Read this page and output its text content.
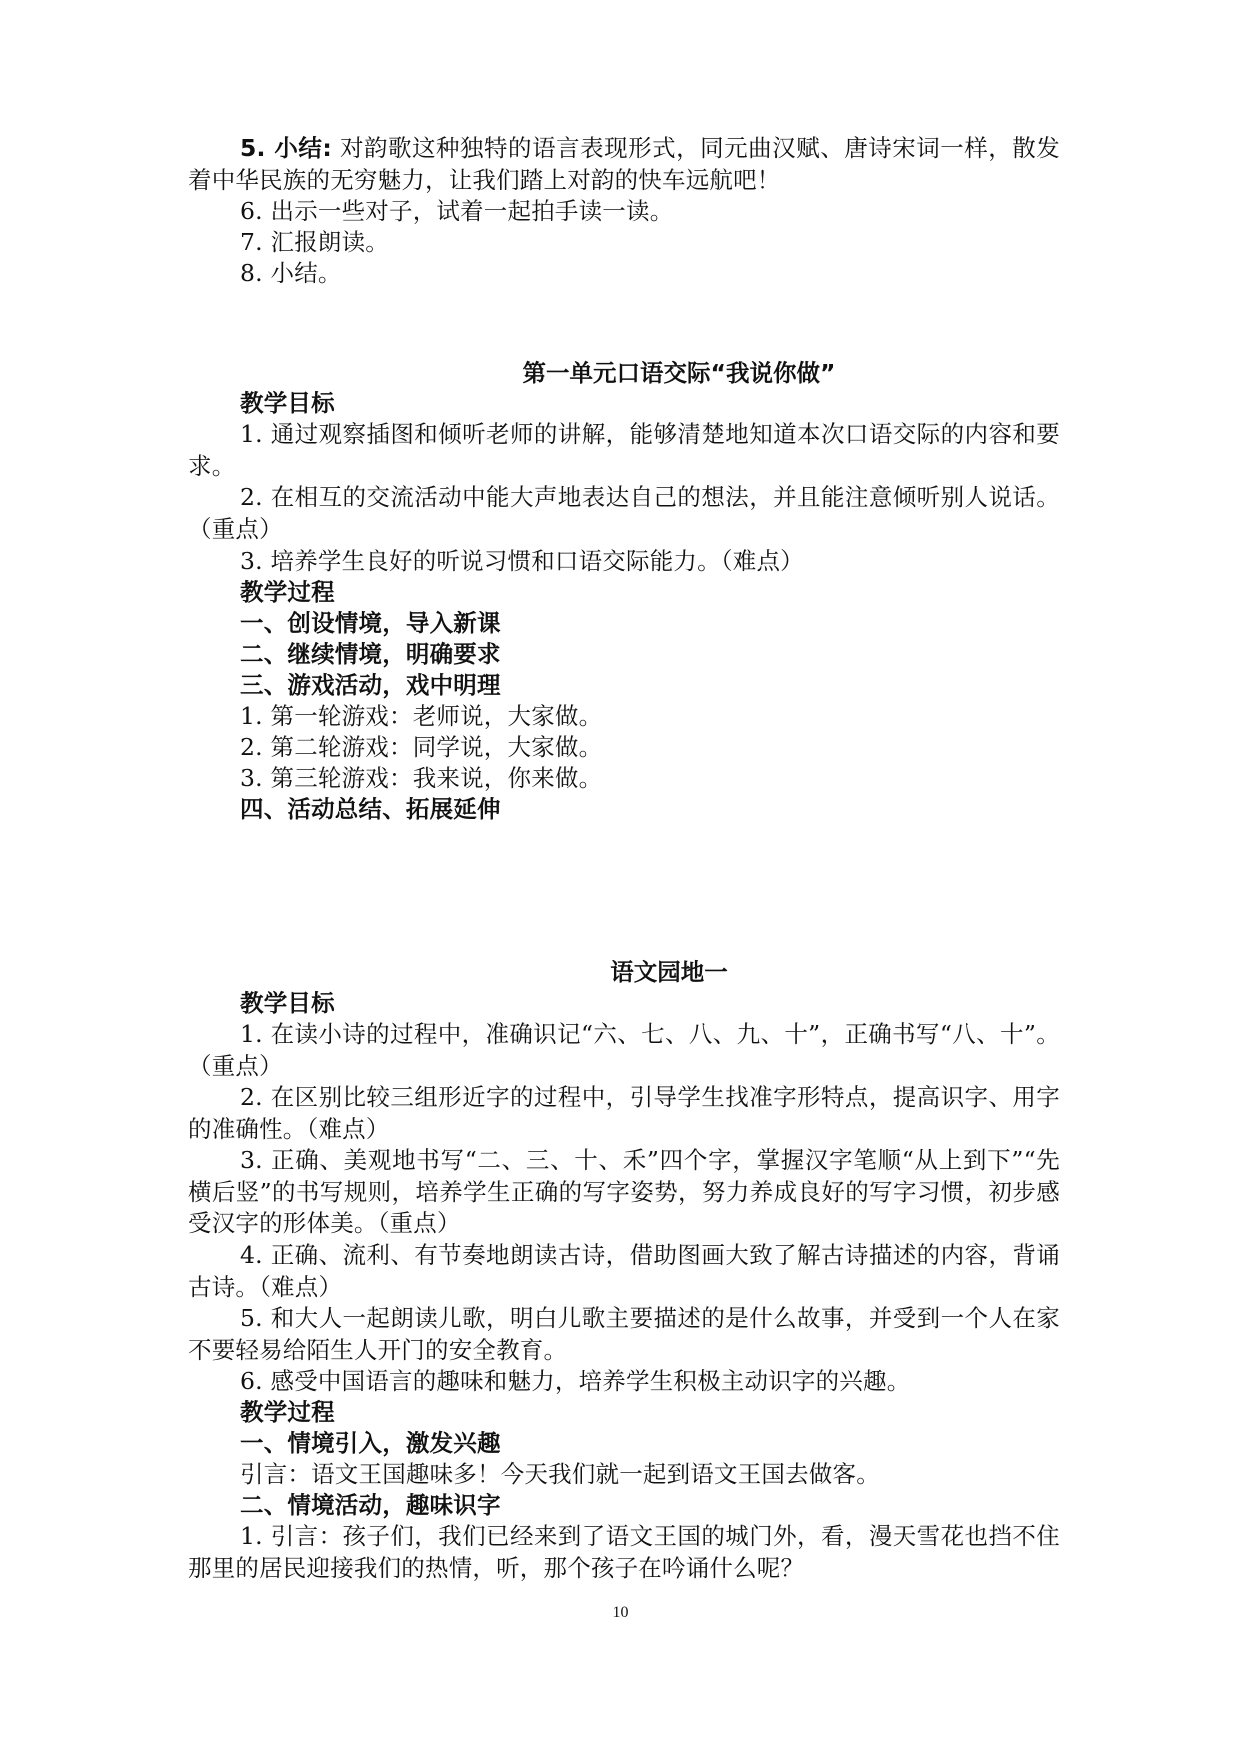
5. 小结: 对韵歌这种独特的语言表现形式，同元曲汉赋、唐诗宋词一样，散发着中华民族的无穷魅力，让我们踏上对韵的快车远航吧！

6. 出示一些对子，试着一起拍手读一读。

7. 汇报朗读。

8. 小结。

第一单元口语交际“我说你做”

教学目标

1. 通过观察插图和倾听老师的讲解，能够清楚地知道本次口语交际的内容和要求。

2. 在相互的交流活动中能大声地表达自己的想法，并且能注意倾听别人说话。（重点）

3. 培养学生良好的听说习惯和口语交际能力。（难点）

教学过程

一、创设情境，导入新课

二、继续情境，明确要求

三、游戏活动，戏中明理

1. 第一轮游戏：老师说，大家做。

2. 第二轮游戏：同学说，大家做。

3. 第三轮游戏：我来说，你来做。

四、活动总结、拓展延伸

语文园地一

教学目标

1. 在读小诗的过程中，准确识记“六、七、八、九、十”，正确书写“八、十”。（重点）

2. 在区别比较三组形近字的过程中，引导学生找准字形特点，提高识字、用字的准确性。（难点）

3. 正确、美观地书写“二、三、十、禾”四个字，掌握汉字笔顺“从上到下”“先横后竖”的书写规则，培养学生正确的写字姿势，努力养成良好的写字习惯，初步感受汉字的形体美。（重点）

4. 正确、流利、有节奏地朗读古诗，借助图画大致了解古诗描述的内容，背诵古诗。（难点）

5. 和大人一起朗读儿歌，明白儿歌主要描述的是什么故事，并受到一个人在家不要轻易给陌生人开门的安全教育。

6. 感受中国语言的趣味和魅力，培养学生积极主动识字的兴趣。

教学过程

一、情境引入，激发兴趣

引言：语文王国趣味多！今天我们就一起到语文王国去做客。

二、情境活动，趣味识字

1. 引言：孩子们，我们已经来到了语文王国的城门外，看，漫天雪花也挡不住那里的居民迎接我们的热情，听，那个孩子在吟诵什么呢？

10
